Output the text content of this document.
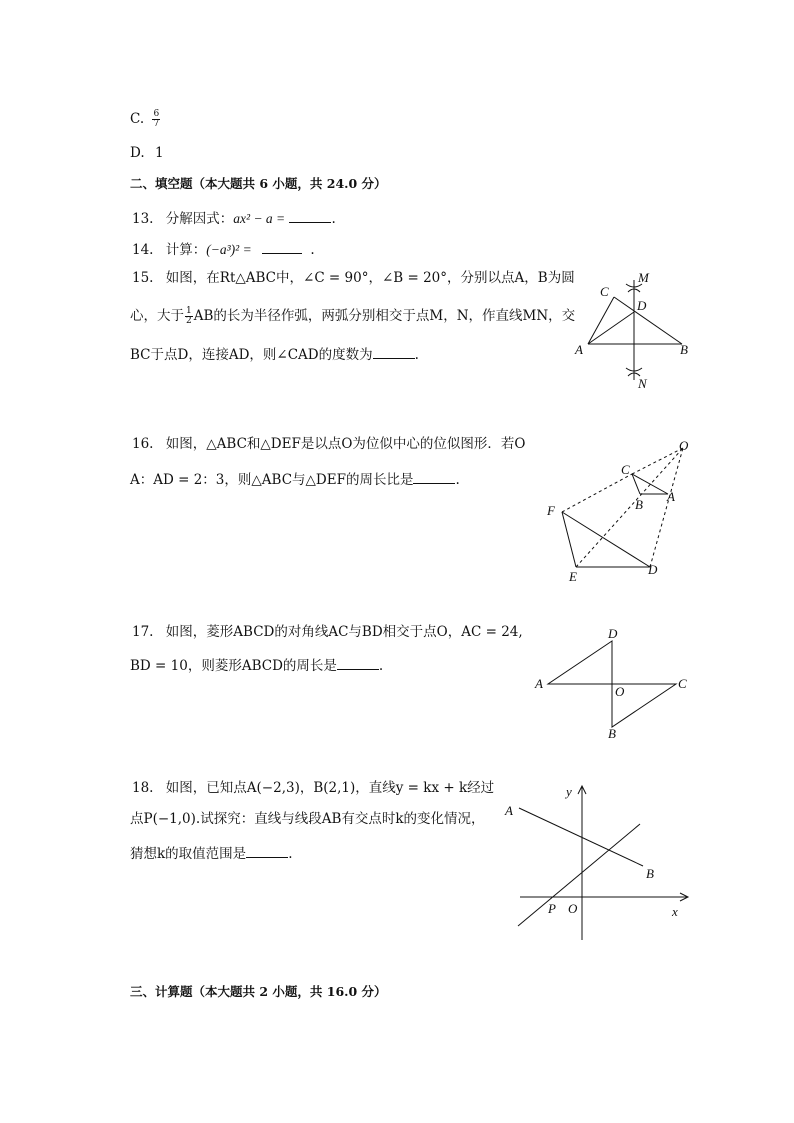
C. $\frac{6}{7}$
D. 1
二、填空题（本大题共 6 小题，共 24.0 分）
13. 分解因式：ax² − a =	.
14. 计算：(−a³)² =	.
15. 如图，在Rt△ABC中，∠C = 90°，∠B = 20°，分别以点A，B为圆
心，大于 $\frac{1}{2}$ AB的长为半径作弧，两弧分别相交于点M，N，作直线MN，交
BC于点D，连接AD，则∠CAD的度数为	.
C
M
D
A	B
N
16. 如图，△ABC和△DEF是以点O为位似中心的位似图形．若O
A：AD = 2：3，则△ABC与△DEF的周长比是	.
O
C
B
A
F
E	D
17. 如图，菱形ABCD的对角线AC与BD相交于点O，AC = 24,
BD = 10，则菱形ABCD的周长是	.
D
A
O
C
B
18. 如图，已知点A(−2,3)，B(2,1)，直线y = kx + k经过
点P(−1,0).试探究：直线与线段AB有交点时k的变化情况，
猜想k的取值范围是	.
y
x
A
B
P O
三、计算题（本大题共 2 小题，共 16.0 分）
